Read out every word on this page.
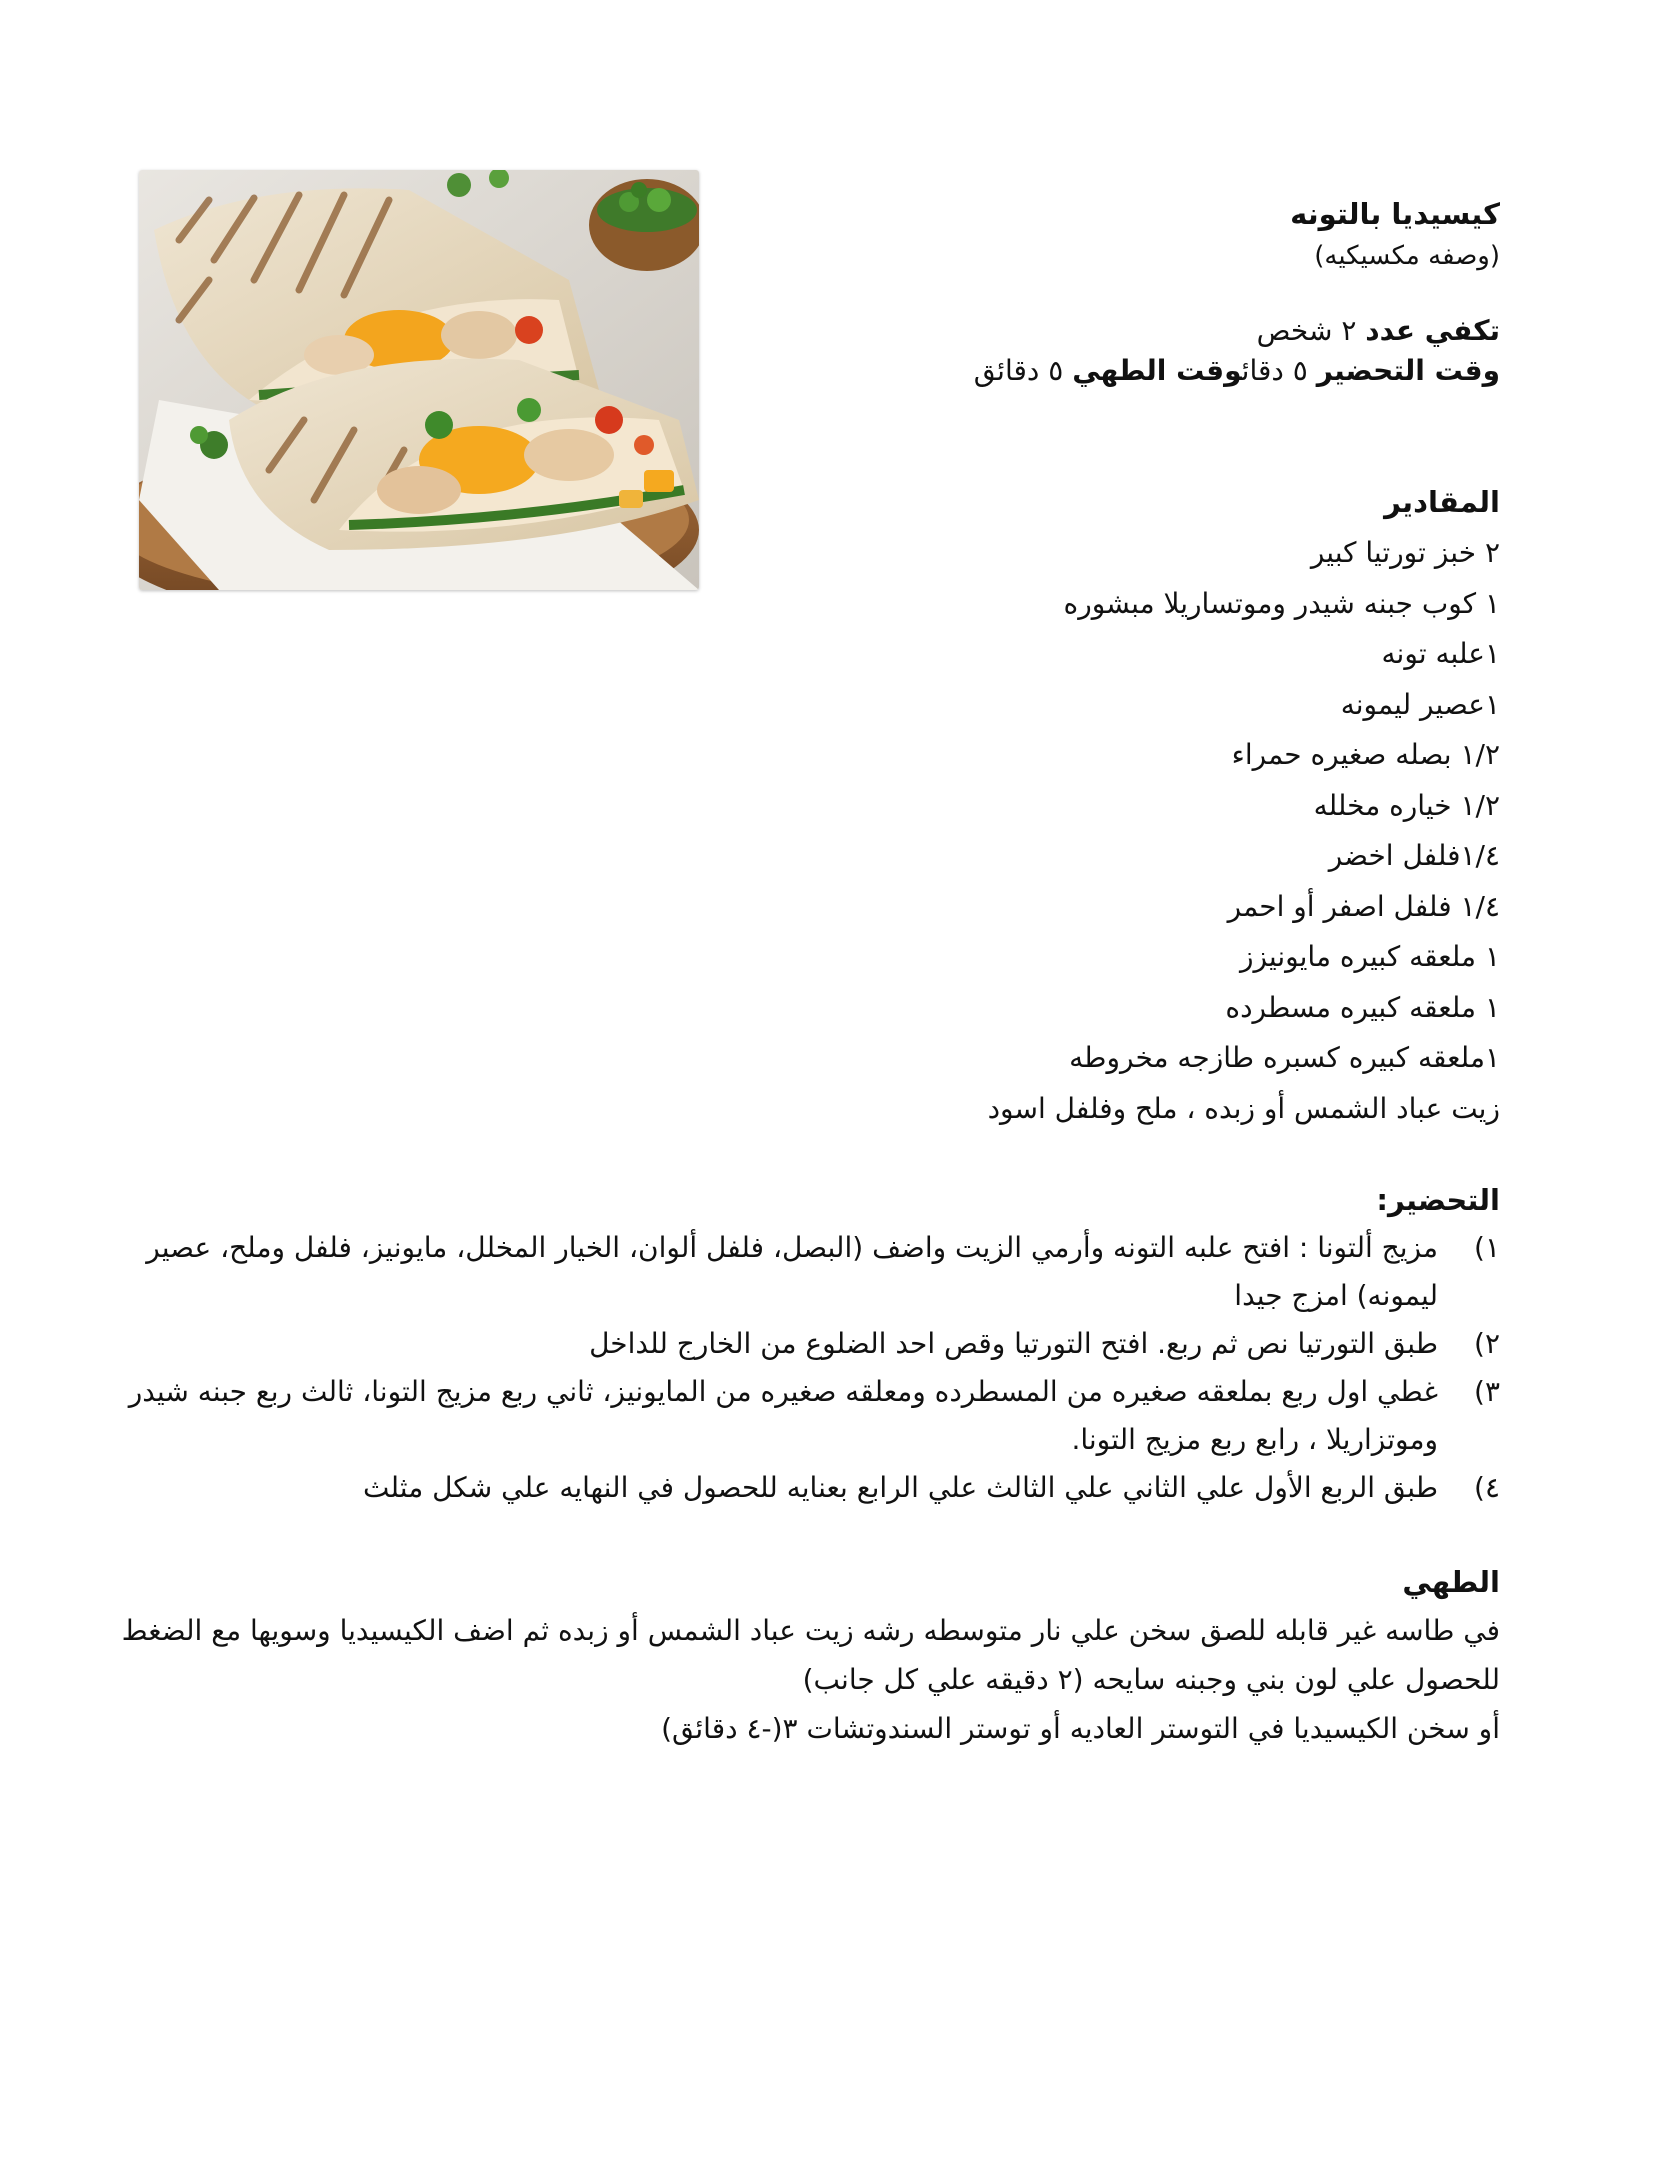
كيسيديا بالتونه

(وصفه مكسيكيه)

تكفي عدد ٢ شخص

وقت التحضير ٥ دقائوقت الطهي ٥ دقائق

المقادير

٢ خبز تورتيا كبير
١ كوب جبنه شيدر وموتساريلا مبشوره
١علبه تونه
١عصير ليمونه
١/٢ بصله صغيره حمراء
١/٢ خياره مخلله
١/٤فلفل اخضر
١/٤ فلفل اصفر أو احمر
١ ملعقه كبيره مايونيزز
١ ملعقه كبيره مسطرده
١ملعقه كبيره كسبره طازجه مخروطه
زيت عباد الشمس أو زبده ، ملح وفلفل اسود

التحضير:

١)
مزيج ألتونا : افتح علبه التونه وأرمي الزيت واضف (البصل، فلفل ألوان، الخيار المخلل، مايونيز، فلفل وملح، عصير ليمونه) امزج جيدا
٢)
طبق التورتيا نص ثم ربع. افتح التورتيا وقص احد الضلوع من الخارج للداخل
٣)
غطي اول ربع بملعقه صغيره من المسطرده ومعلقه صغيره من المايونيز، ثاني ربع مزيج التونا، ثالث ربع جبنه شيدر وموتزاريلا ، رابع ربع مزيج التونا.
٤)
طبق الربع الأول علي الثاني علي الثالث علي الرابع بعنايه للحصول في النهايه علي شكل مثلث

الطهي

في طاسه غير قابله للصق سخن علي نار متوسطه رشه زيت عباد الشمس أو زبده ثم اضف الكيسيديا وسويها مع الضغط للحصول علي لون بني وجبنه سايحه (٢ دقيقه علي كل جانب)

أو سخن الكيسيديا في التوستر العاديه أو توستر السندوتشات ٣(-٤ دقائق)
